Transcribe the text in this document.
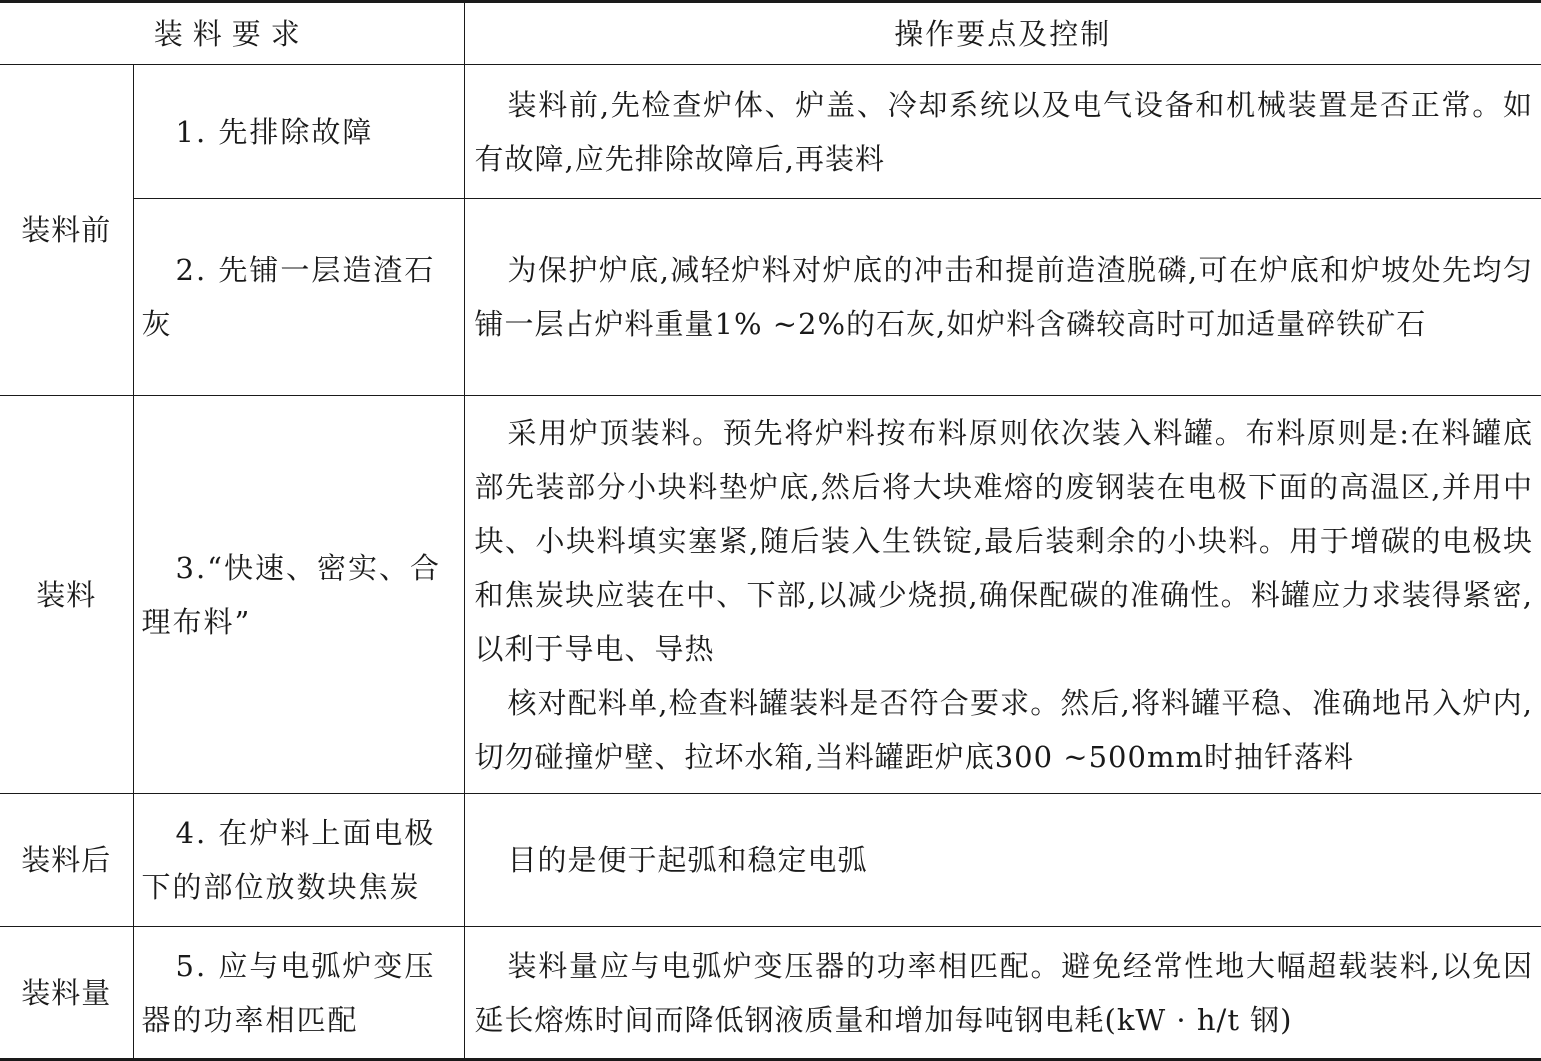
装料要求		操作要点及控制
装料前	1. 先排除故障	装料前,先检查炉体、炉盖、冷却系统以及电气设备和机械装置是否正常。如有故障,应先排除故障后,再装料

	2. 先铺一层造渣石灰	为保护炉底,减轻炉料对炉底的冲击和提前造渣脱磷,可在炉底和炉坡处先均匀铺一层占炉料重量1% ~2%的石灰,如炉料含磷较高时可加适量碎铁矿石

装料	3.“快速、密实、合理布料”	采用炉顶装料。预先将炉料按布料原则依次装入料罐。布料原则是:在料罐底部先装部分小块料垫炉底,然后将大块难熔的废钢装在电极下面的高温区,并用中块、小块料填实塞紧,随后装入生铁锭,最后装剩余的小块料。用于增碳的电极块和焦炭块应装在中、下部,以减少烧损,确保配碳的准确性。料罐应力求装得紧密,以利于导电、导热

核对配料单,检查料罐装料是否符合要求。然后,将料罐平稳、准确地吊入炉内,切勿碰撞炉壁、拉坏水箱,当料罐距炉底300 ~500mm时抽钎落料

装料后	4. 在炉料上面电极下的部位放数块焦炭	目的是便于起弧和稳定电弧

装料量	5. 应与电弧炉变压器的功率相匹配	装料量应与电弧炉变压器的功率相匹配。避免经常性地大幅超载装料,以免因延长熔炼时间而降低钢液质量和增加每吨钢电耗(kW · h/t 钢)
